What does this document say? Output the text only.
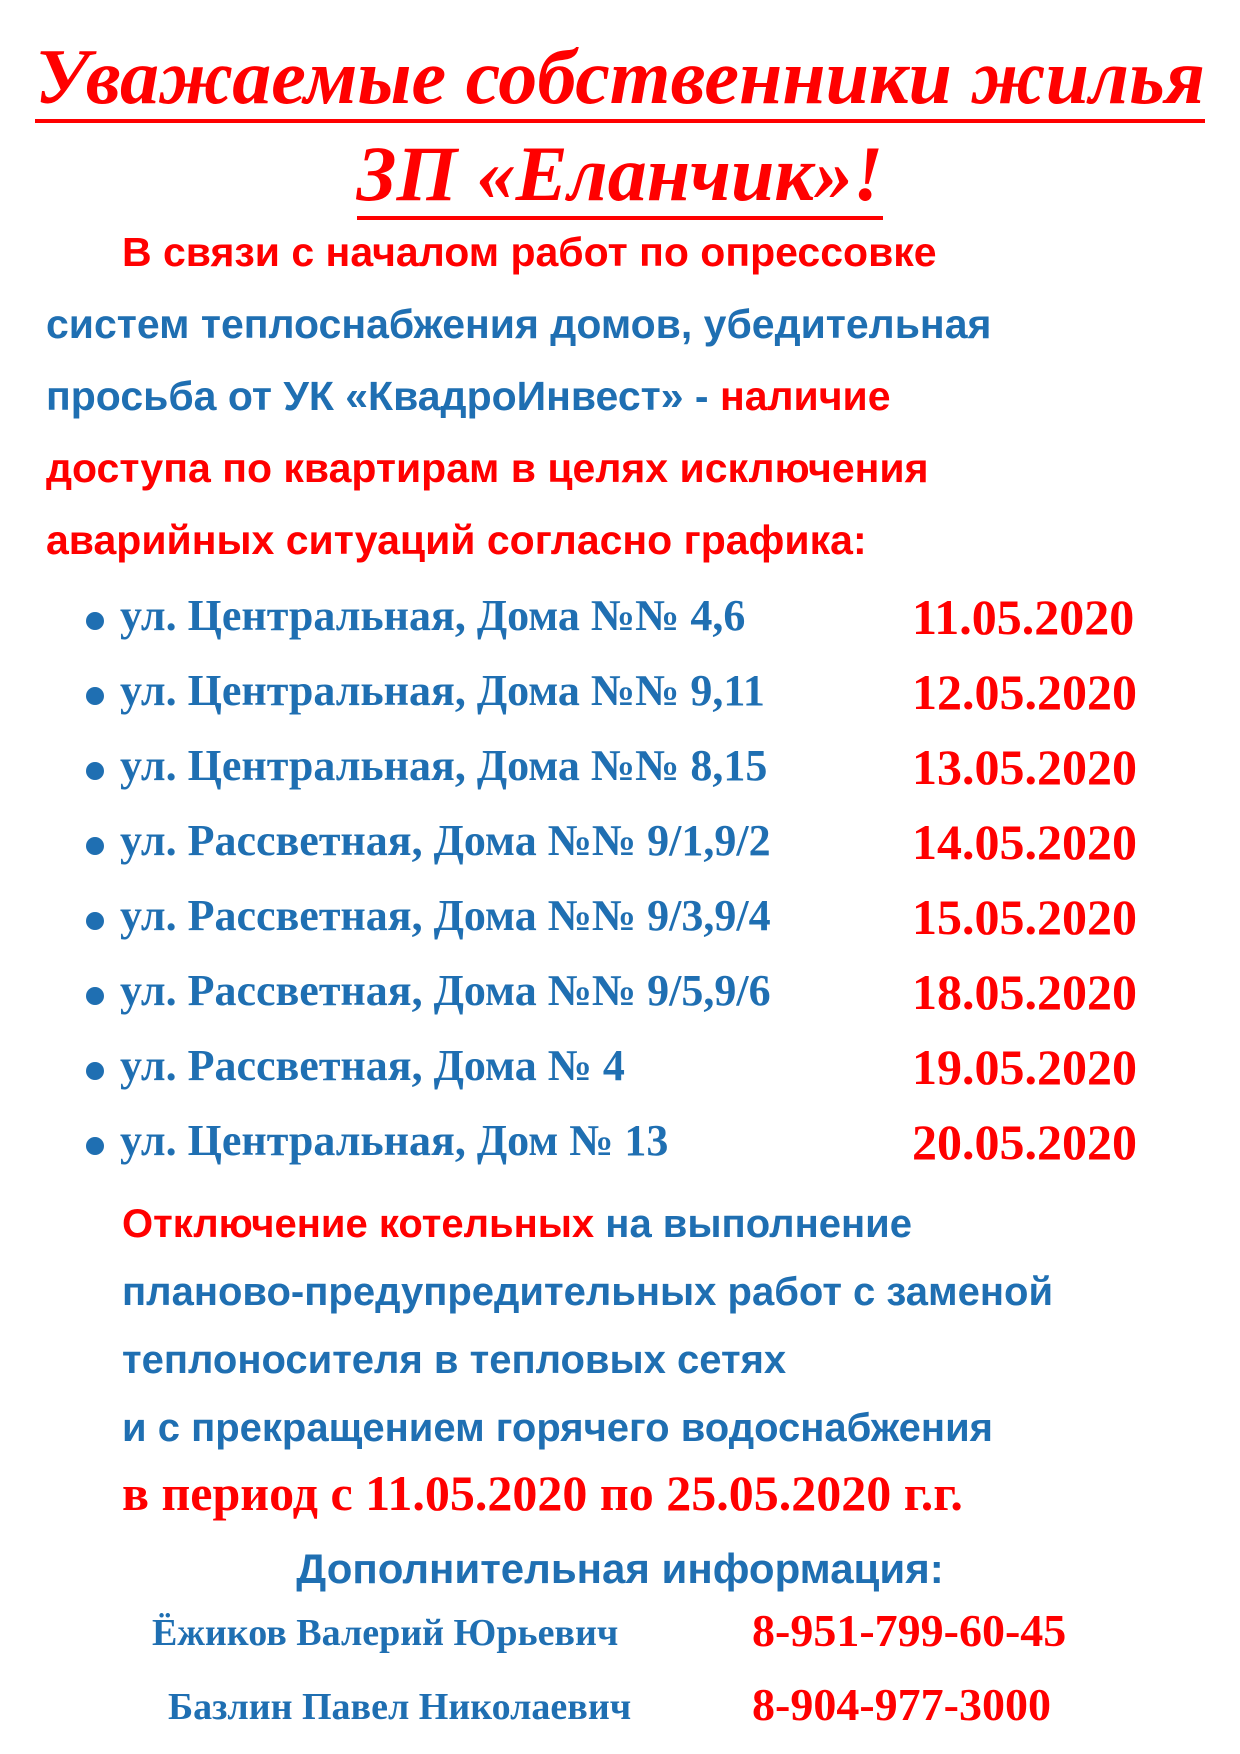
Уважаемые собственники жилья
ЗП «Еланчик»!
В связи с началом работ по опрессовке
систем теплоснабжения домов, убедительная
просьба от УК «КвадроИнвест» - наличие
доступа по квартирам в целях исключения
аварийных ситуаций согласно графика:
ул. Центральная, Дома №№ 4,6	11.05.2020
ул. Центральная, Дома №№ 9,11	12.05.2020
ул. Центральная, Дома №№ 8,15	13.05.2020
ул. Рассветная, Дома №№ 9/1,9/2	14.05.2020
ул. Рассветная, Дома №№ 9/3,9/4	15.05.2020
ул. Рассветная, Дома №№ 9/5,9/6	18.05.2020
ул. Рассветная, Дома № 4	19.05.2020
ул. Центральная, Дом № 13	20.05.2020
Отключение котельных на выполнение
планово-предупредительных работ с заменой
теплоносителя в тепловых сетях
и с прекращением горячего водоснабжения
в период с 11.05.2020 по 25.05.2020 г.г.
Дополнительная информация:
Ёжиков Валерий Юрьевич	8-951-799-60-45
Базлин Павел Николаевич	8-904-977-3000
